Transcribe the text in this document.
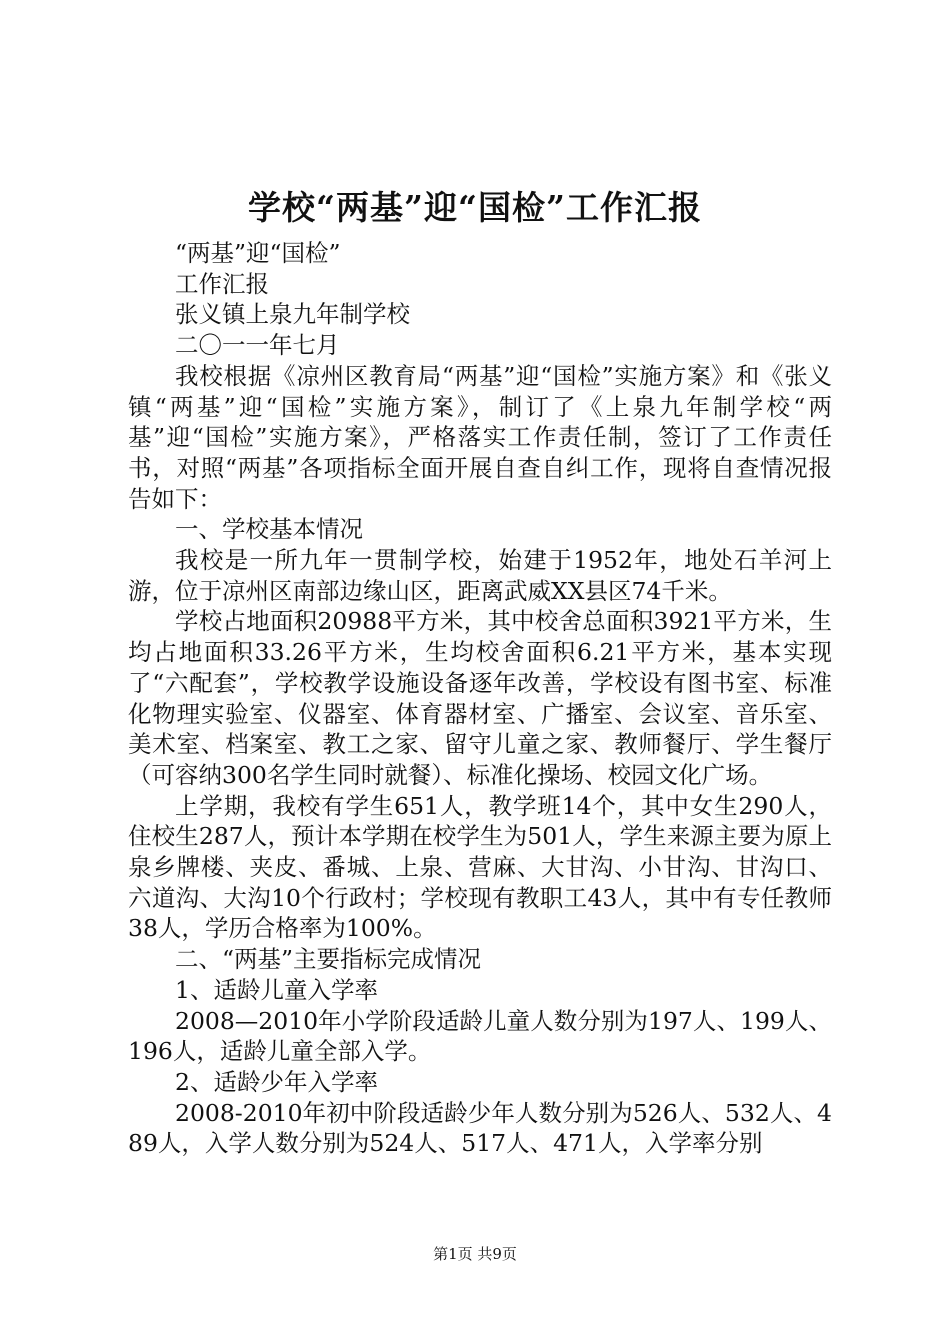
学校“两基”迎“国检”工作汇报

“两基”迎“国检”

工作汇报

张义镇上泉九年制学校

二〇一一年七月

我校根据《凉州区教育局“两基”迎“国检”实施方案》和《张义镇“两基”迎“国检”实施方案》，制订了《上泉九年制学校“两基”迎“国检”实施方案》，严格落实工作责任制，签订了工作责任书，对照“两基”各项指标全面开展自查自纠工作，现将自查情况报告如下：

一、学校基本情况

我校是一所九年一贯制学校，始建于1952年，地处石羊河上游，位于凉州区南部边缘山区，距离武威XX县区74千米。

学校占地面积20988平方米，其中校舍总面积3921平方米，生均占地面积33.26平方米，生均校舍面积6.21平方米，基本实现了“六配套”，学校教学设施设备逐年改善，学校设有图书室、标准化物理实验室、仪器室、体育器材室、广播室、会议室、音乐室、美术室、档案室、教工之家、留守儿童之家、教师餐厅、学生餐厅（可容纳300名学生同时就餐）、标准化操场、校园文化广场。

上学期，我校有学生651人，教学班14个，其中女生290人，住校生287人，预计本学期在校学生为501人，学生来源主要为原上泉乡牌楼、夹皮、番城、上泉、营麻、大甘沟、小甘沟、甘沟口、六道沟、大沟10个行政村；学校现有教职工43人，其中有专任教师38人，学历合格率为100%。

二、“两基”主要指标完成情况

1、适龄儿童入学率

2008—2010年小学阶段适龄儿童人数分别为197人、199人、196人，适龄儿童全部入学。

2、适龄少年入学率

2008-2010年初中阶段适龄少年人数分别为526人、532人、489人，入学人数分别为524人、517人、471人，入学率分别

第1页 共9页
